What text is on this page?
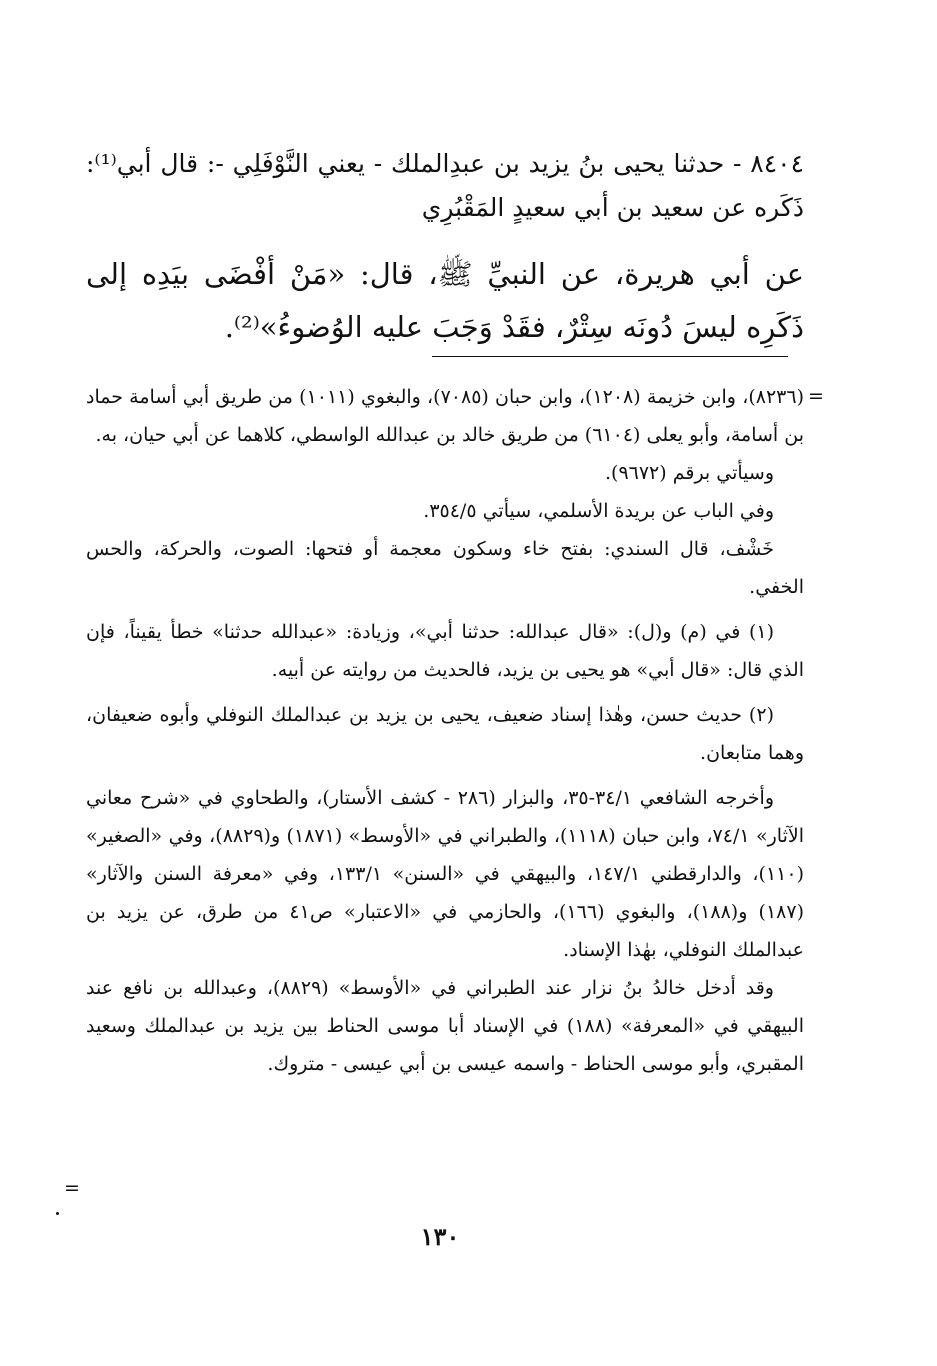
٨٤٠٤ - حدثنا يحيى بنُ يزيد بن عبدِالملك - يعني النَّوْفَلِي -: قال أبي⁽¹⁾: ذَكَره عن سعيد بن أبي سعيدٍ المَقْبُرِي
عن أبي هريرة، عن النبيِّ ﷺ، قال: «مَنْ أفْضَى بيَدِه إلى ذَكَرِه ليسَ دُونَه سِتْرٌ، فقَدْ وَجَبَ عليه الوُضوءُ»⁽²⁾.
=

(٨٢٣٦)، وابن خزيمة (١٢٠٨)، وابن حبان (٧٠٨٥)، والبغوي (١٠١١) من طريق أبي أسامة حماد بن أسامة، وأبو يعلى (٦١٠٤) من طريق خالد بن عبدالله الواسطي، كلاهما عن أبي حيان، به.

وسيأتي برقم (٩٦٧٢).

وفي الباب عن بريدة الأسلمي، سيأتي ٣٥٤/٥.

خَشْف، قال السندي: بفتح خاء وسكون معجمة أو فتحها: الصوت، والحركة، والحس الخفي.

(١) في (م) و(ل): «قال عبدالله: حدثنا أبي»، وزيادة: «عبدالله حدثنا» خطأ يقيناً، فإن الذي قال: «قال أبي» هو يحيى بن يزيد، فالحديث من روايته عن أبيه.

(٢) حديث حسن، وهٰذا إسناد ضعيف، يحيى بن يزيد بن عبدالملك النوفلي وأبوه ضعيفان، وهما متابعان.

وأخرجه الشافعي ٣٤/١-٣٥، والبزار (٢٨٦ - كشف الأستار)، والطحاوي في «شرح معاني الآثار» ٧٤/١، وابن حبان (١١١٨)، والطبراني في «الأوسط» (١٨٧١) و(٨٨٢٩)، وفي «الصغير» (١١٠)، والدارقطني ١٤٧/١، والبيهقي في «السنن» ١٣٣/١، وفي «معرفة السنن والآثار» (١٨٧) و(١٨٨)، والبغوي (١٦٦)، والحازمي في «الاعتبار» ص٤١ من طرق، عن يزيد بن عبدالملك النوفلي، بهٰذا الإسناد.

وقد أدخل خالدُ بنُ نزار عند الطبراني في «الأوسط» (٨٨٢٩)، وعبدالله بن نافع عند البيهقي في «المعرفة» (١٨٨) في الإسناد أبا موسى الحناط بين يزيد بن عبدالملك وسعيد المقبري، وأبو موسى الحناط - واسمه عيسى بن أبي عيسى - متروك.

=
١٣٠
